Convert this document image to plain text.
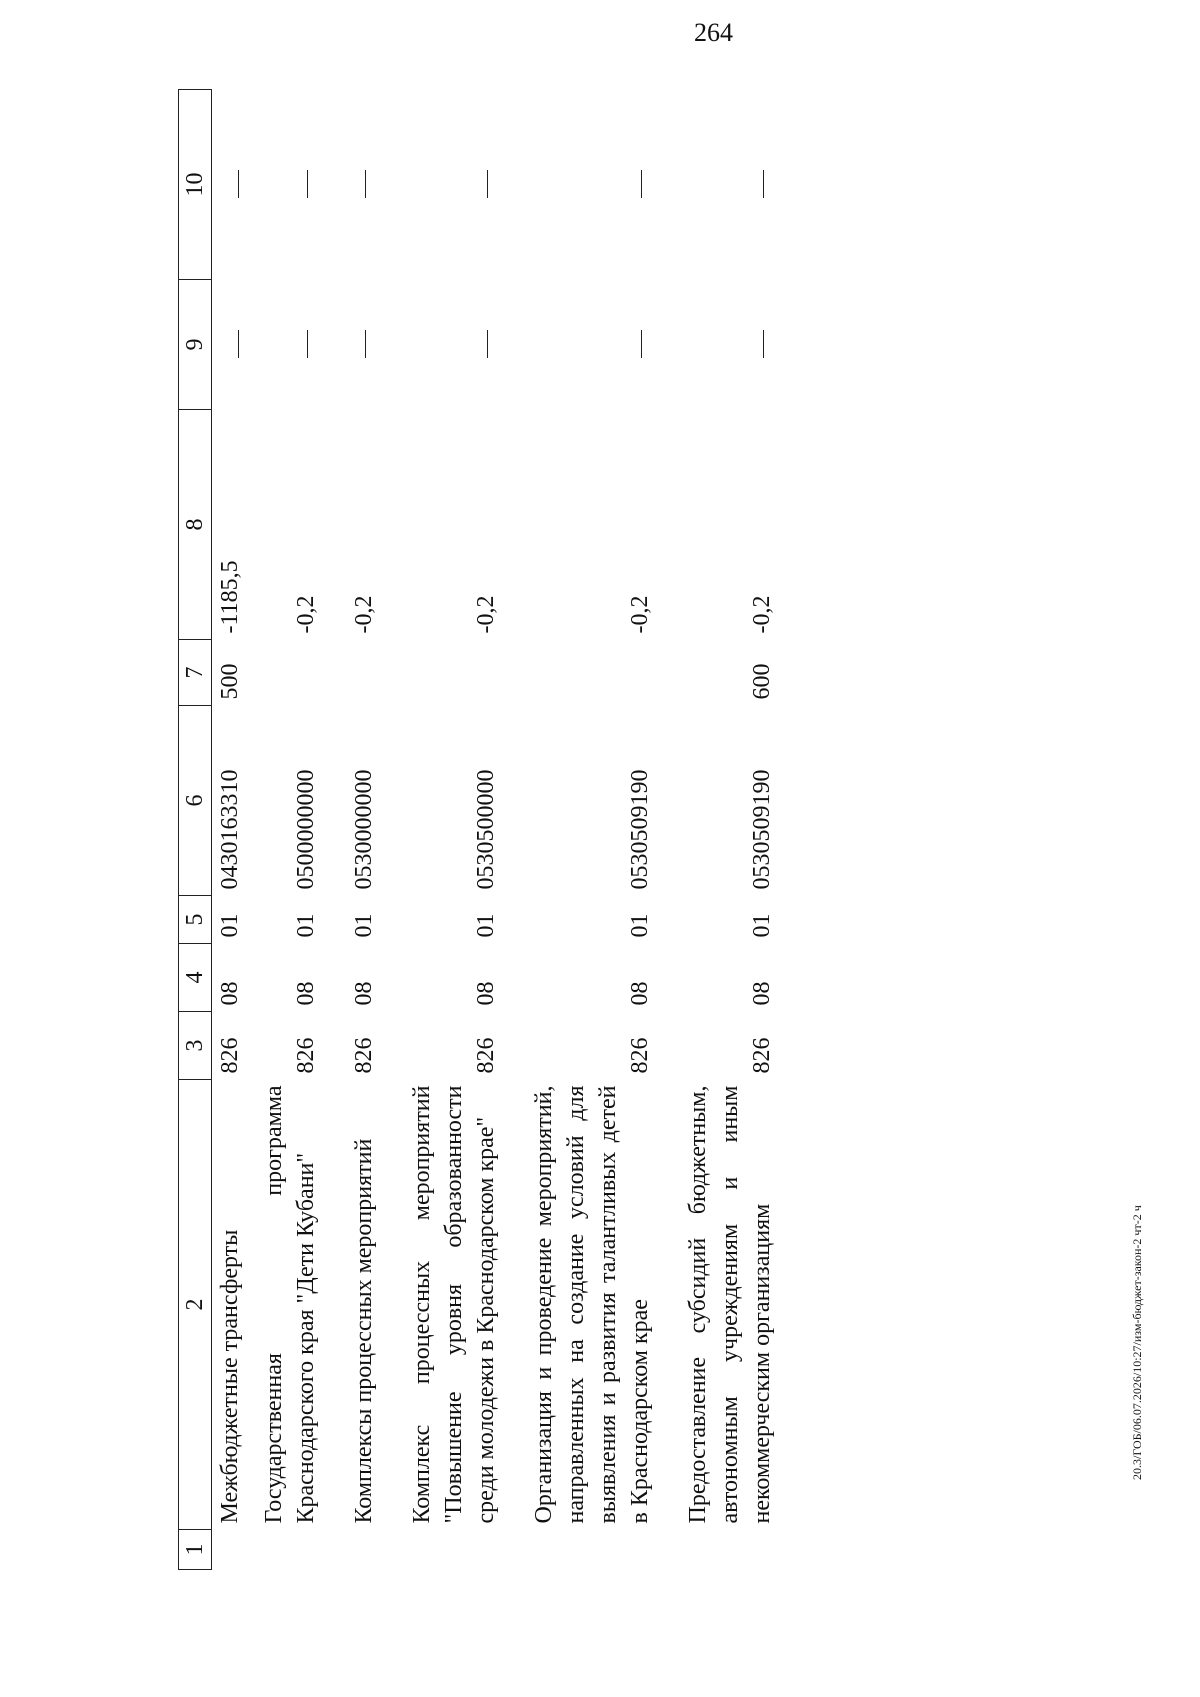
264
1	2	3	4	5	6	7	8	9	10
	Межбюджетные трансферты	826	08	01	0430163310	500	-1185,5		
	Государственная программа Краснодарского края "Дети Кубани"	826	08	01	0500000000		-0,2		
	Комплексы процессных мероприятий	826	08	01	0530000000		-0,2		
	Комплекс процессных мероприятий "Повышение уровня образованности среди молодежи в Краснодарском крае"	826	08	01	0530500000		-0,2		
	Организация и проведение мероприятий, направленных на создание условий для выявления и развития талантливых детей в Краснодарском крае	826	08	01	0530509190		-0,2		
	Предоставление субсидий бюджетным, автономным учреждениям и иным некоммерческим организациям	826	08	01	0530509190	600	-0,2		
20.3/ГОБ/06.07.2026/10:27/изм-бюджет-закон-2 чт-2 ч
